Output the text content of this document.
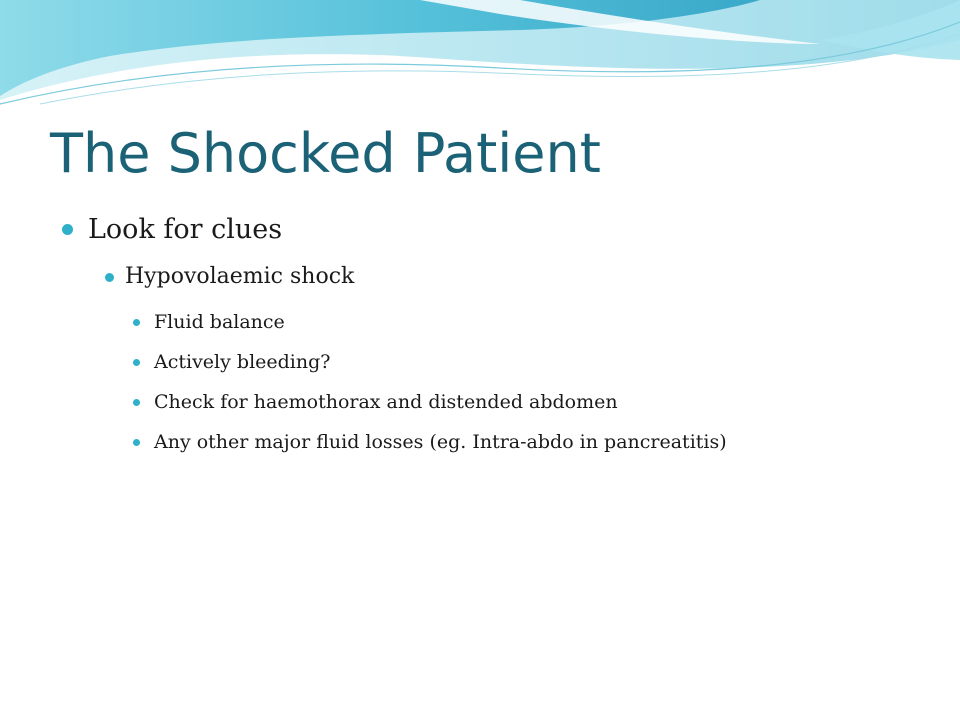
The Shocked Patient
Look for clues
Hypovolaemic shock
Fluid balance
Actively bleeding?
Check for haemothorax and distended abdomen
Any other major fluid losses (eg. Intra-abdo in pancreatitis)
